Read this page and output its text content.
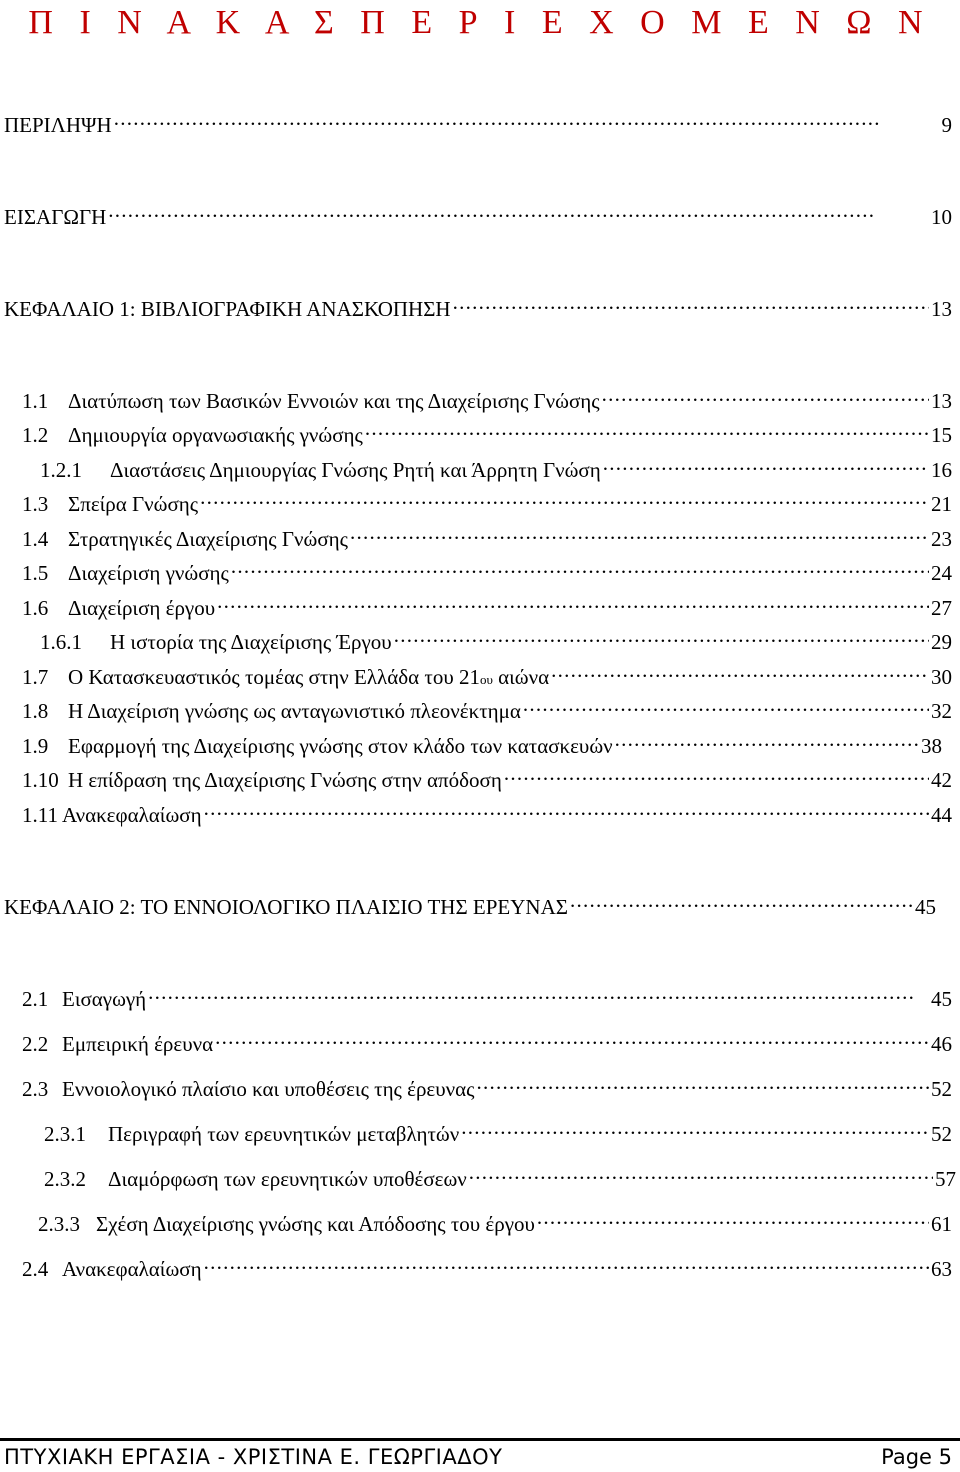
Π Ι Ν Α Κ Α Σ Π Ε Ρ Ι Ε Χ Ο Μ Ε Ν Ω Ν
ΠΕΡΙΛΗΨΗ . . .	9
ΕΙΣΑΓΩΓΗ . . .	10
ΚΕΦΑΛΑΙΟ 1: ΒΙΒΛΙΟΓΡΑΦΙΚΗ ΑΝΑΣΚΟΠΗΣΗ . . .	13
1.1 Διατύπωση των Βασικών Εννοιών και της Διαχείρισης Γνώσης . . .	13
1.2 Δημιουργία οργανωσιακής γνώσης . . .	15
1.2.1	Διαστάσεις Δημιουργίας Γνώσης Ρητή και Άρρητη Γνώση . . .	16
1.3 Σπείρα Γνώσης . . .	21
1.4 Στρατηγικές Διαχείρισης Γνώσης . . .	23
1.5 Διαχείριση γνώσης . . .	24
1.6 Διαχείριση έργου . . .	27
1.6.1	Η ιστορία της Διαχείρισης Έργου . . .	29
1.7 Ο Κατασκευαστικός τομέας στην Ελλάδα του 21 ου αιώνα . . .	30
1.8 Η Διαχείριση γνώσης ως ανταγωνιστικό πλεονέκτημα . . .	32
1.9 Εφαρμογή της Διαχείρισης γνώσης στον κλάδο των κατασκευών . . .	38
1.10 Η επίδραση της Διαχείρισης Γνώσης στην απόδοση . . .	42
1.11 Ανακεφαλαίωση . . .	44
ΚΕΦΑΛΑΙΟ 2: ΤΟ ΕΝΝΟΙΟΛΟΓΙΚΟ ΠΛΑΙΣΙΟ ΤΗΣ ΕΡΕΥΝΑΣ . . .	45
2.1 Εισαγωγή . . .	45
2.2 Εμπειρική έρευνα . . .	46
2.3 Εννοιολογικό πλαίσιο και υποθέσεις της έρευνας . . .	52
2.3.1	Περιγραφή των ερευνητικών μεταβλητών . . .	52
2.3.2	Διαμόρφωση των ερευνητικών υποθέσεων . . .	57
2.3.3 Σχέση Διαχείρισης γνώσης και Απόδοσης του έργου . . .	61
2.4 Ανακεφαλαίωση . . .	63
ΠΤΥΧΙΑΚΗ ΕΡΓΑΣΙΑ - ΧΡΙΣΤΙΝΑ Ε. ΓΕΩΡΓΙΑΔΟΥ	Page 5
